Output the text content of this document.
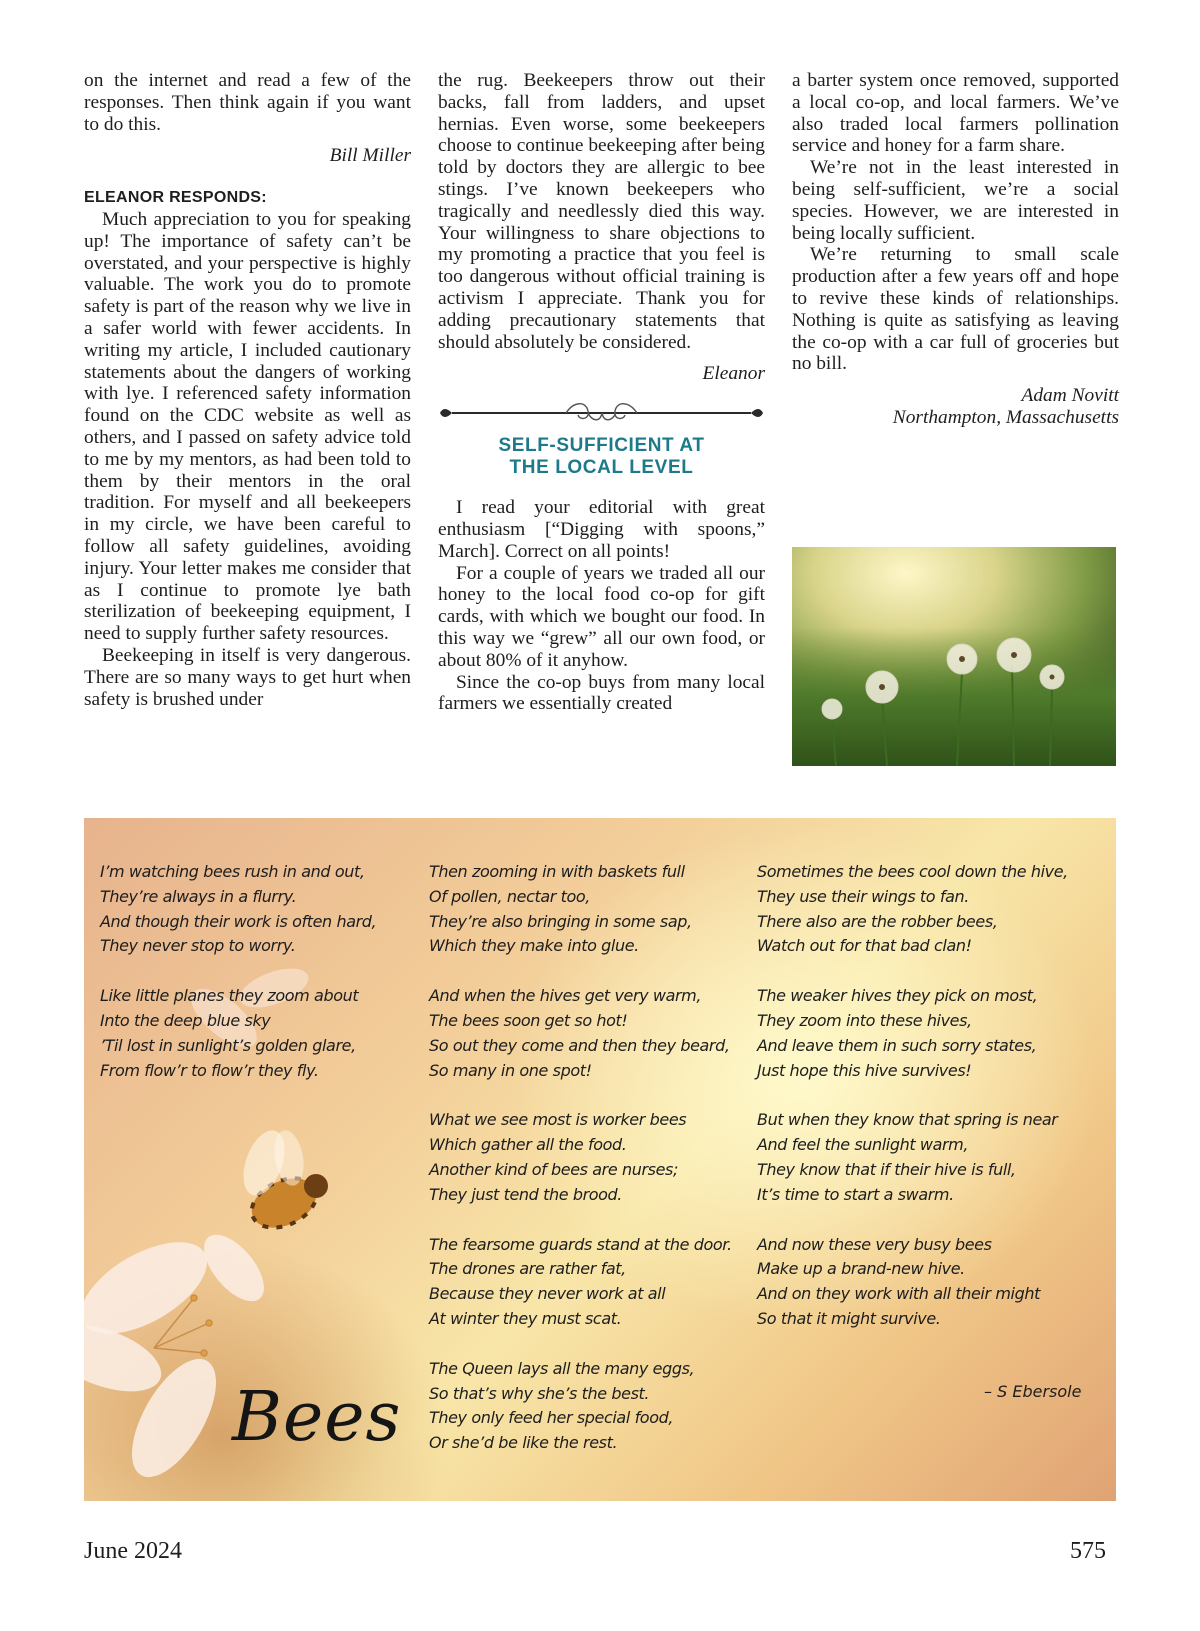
on the internet and read a few of the responses. Then think again if you want to do this.

Bill Miller

ELEANOR RESPONDS:

Much appreciation to you for speaking up! The importance of safety can’t be overstated, and your perspective is highly valuable. The work you do to promote safety is part of the reason why we live in a safer world with fewer accidents. In writing my article, I included cautionary statements about the dangers of working with lye. I referenced safety information found on the CDC website as well as others, and I passed on safety advice told to me by my mentors, as had been told to them by their mentors in the oral tradition. For myself and all beekeepers in my circle, we have been careful to follow all safety guidelines, avoiding injury. Your letter makes me consider that as I continue to promote lye bath sterilization of beekeeping equipment, I need to supply further safety resources.

Beekeeping in itself is very dangerous. There are so many ways to get hurt when safety is brushed under

the rug. Beekeepers throw out their backs, fall from ladders, and upset hernias. Even worse, some beekeepers choose to continue beekeeping after being told by doctors they are allergic to bee stings. I’ve known beekeepers who tragically and needlessly died this way. Your willingness to share objections to my promoting a practice that you feel is too dangerous without official training is activism I appreciate. Thank you for adding precautionary statements that should absolutely be considered.

Eleanor

SELF-SUFFICIENT AT
THE LOCAL LEVEL

I read your editorial with great enthusiasm [“Digging with spoons,” March]. Correct on all points!

For a couple of years we traded all our honey to the local food co-op for gift cards, with which we bought our food. In this way we “grew” all our own food, or about 80% of it anyhow.

Since the co-op buys from many local farmers we essentially created

a barter system once removed, supported a local co-op, and local farmers. We’ve also traded local farmers pollination service and honey for a farm share.

We’re not in the least interested in being self-sufficient, we’re a social species. However, we are interested in being locally sufficient.

We’re returning to small scale production after a few years off and hope to revive these kinds of relationships. Nothing is quite as satisfying as leaving the co-op with a car full of groceries but no bill.

Adam Novitt

Northampton, Massachusetts

I’m watching bees rush in and out,
They’re always in a flurry.
And though their work is often hard,
They never stop to worry.
Like little planes they zoom about
Into the deep blue sky
’Til lost in sunlight’s golden glare,
From flow’r to flow’r they fly.
Then zooming in with baskets full
Of pollen, nectar too,
They’re also bringing in some sap,
Which they make into glue.
And when the hives get very warm,
The bees soon get so hot!
So out they come and then they beard,
So many in one spot!
What we see most is worker bees
Which gather all the food.
Another kind of bees are nurses;
They just tend the brood.
The fearsome guards stand at the door.
The drones are rather fat,
Because they never work at all
At winter they must scat.
The Queen lays all the many eggs,
So that’s why she’s the best.
They only feed her special food,
Or she’d be like the rest.
Sometimes the bees cool down the hive,
They use their wings to fan.
There also are the robber bees,
Watch out for that bad clan!
The weaker hives they pick on most,
They zoom into these hives,
And leave them in such sorry states,
Just hope this hive survives!
But when they know that spring is near
And feel the sunlight warm,
They know that if their hive is full,
It’s time to start a swarm.
And now these very busy bees
Make up a brand-new hive.
And on they work with all their might
So that it might survive.
Bees	– S Ebersole
June 2024	575
